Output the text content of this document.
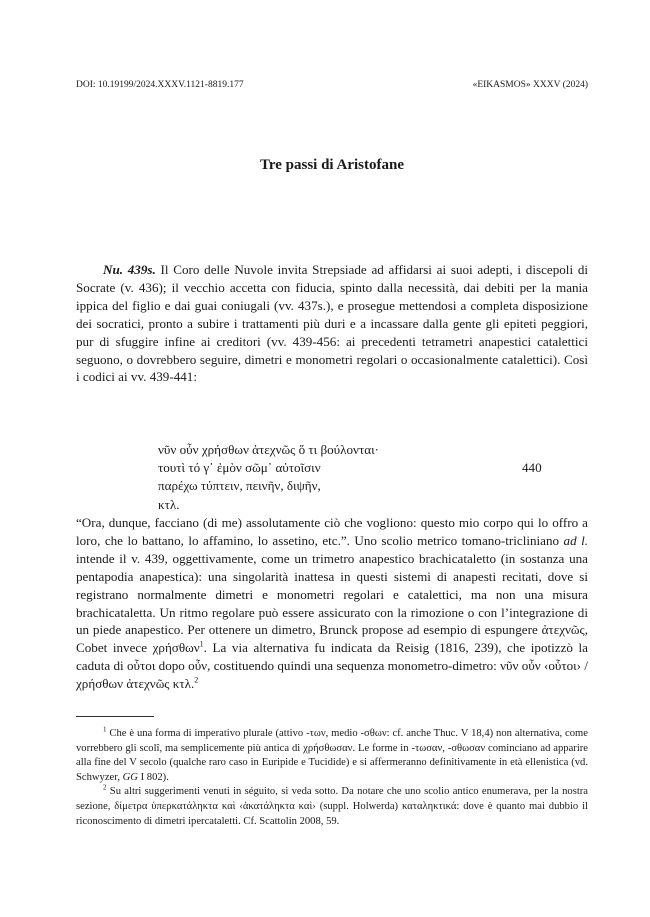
DOI: 10.19199/2024.XXXV.1121-8819.177	«EIKASMOS» XXXV (2024)
Tre passi di Aristofane

Nu. 439s. Il Coro delle Nuvole invita Strepsiade ad affidarsi ai suoi adepti, i discepoli di Socrate (v. 436); il vecchio accetta con fiducia, spinto dalla necessità, dai debiti per la mania ippica del figlio e dai guai coniugali (vv. 437s.), e prosegue mettendosi a completa disposizione dei socratici, pronto a subire i trattamenti più duri e a incassare dalla gente gli epiteti peggiori, pur di sfuggire infine ai creditori (vv. 439-456: ai precedenti tetrametri anapestici catalettici seguono, o dovrebbero seguire, dimetri e monometri regolari o occasionalmente catalettici). Così i codici ai vv. 439-441:

νῦν οὖν χρήσθων ἀτεχνῶς ὅ τι βούλονται·
τουτὶ τό γ᾽ ἐμὸν σῶμ᾽ αὐτοῖσιν	440
παρέχω τύπτειν, πεινῆν, διψῆν,
κτλ.
“Ora, dunque, facciano (di me) assolutamente ciò che vogliono: questo mio corpo qui lo offro a loro, che lo battano, lo affamino, lo assetino, etc.”. Uno scolio metrico tomano-tricliniano ad l. intende il v. 439, oggettivamente, come un trimetro anapestico brachicataletto (in sostanza una pentapodia anapestica): una singolarità inattesa in questi sistemi di anapesti recitati, dove si registrano normalmente dimetri e monometri regolari e catalettici, ma non una misura brachicataletta. Un ritmo regolare può essere assicurato con la rimozione o con l’integrazione di un piede anapestico. Per ottenere un dimetro, Brunck propose ad esempio di espungere ἀτεχνῶς, Cobet invece χρήσθων$^1$. La via alternativa fu indicata da Reisig (1816, 239), che ipotizzò la caduta di οὗτοι dopo οὖν, costituendo quindi una sequenza monometro-dimetro: νῦν οὖν ‹οὗτοι› / χρήσθων ἀτεχνῶς κτλ.$^2$

$^1$ Che è una forma di imperativo plurale (attivo -των, medio -σθων: cf. anche Thuc. V 18,4) non alternativa, come vorrebbero gli scolî, ma semplicemente più antica di χρήσθωσαν. Le forme in -τωσαν, -σθωσαν cominciano ad apparire alla fine del V secolo (qualche raro caso in Euripide e Tucidide) e si affermeranno definitivamente in età ellenistica (vd. Schwyzer, GG I 802).

$^2$ Su altri suggerimenti venuti in séguito, si veda sotto. Da notare che uno scolio antico enumerava, per la nostra sezione, δίμετρα ὑπερκατάληκτα καὶ ‹ἀκατάληκτα καὶ› (suppl. Holwerda) καταληκτικά: dove è quanto mai dubbio il riconoscimento di dimetri ipercataletti. Cf. Scattolin 2008, 59.
